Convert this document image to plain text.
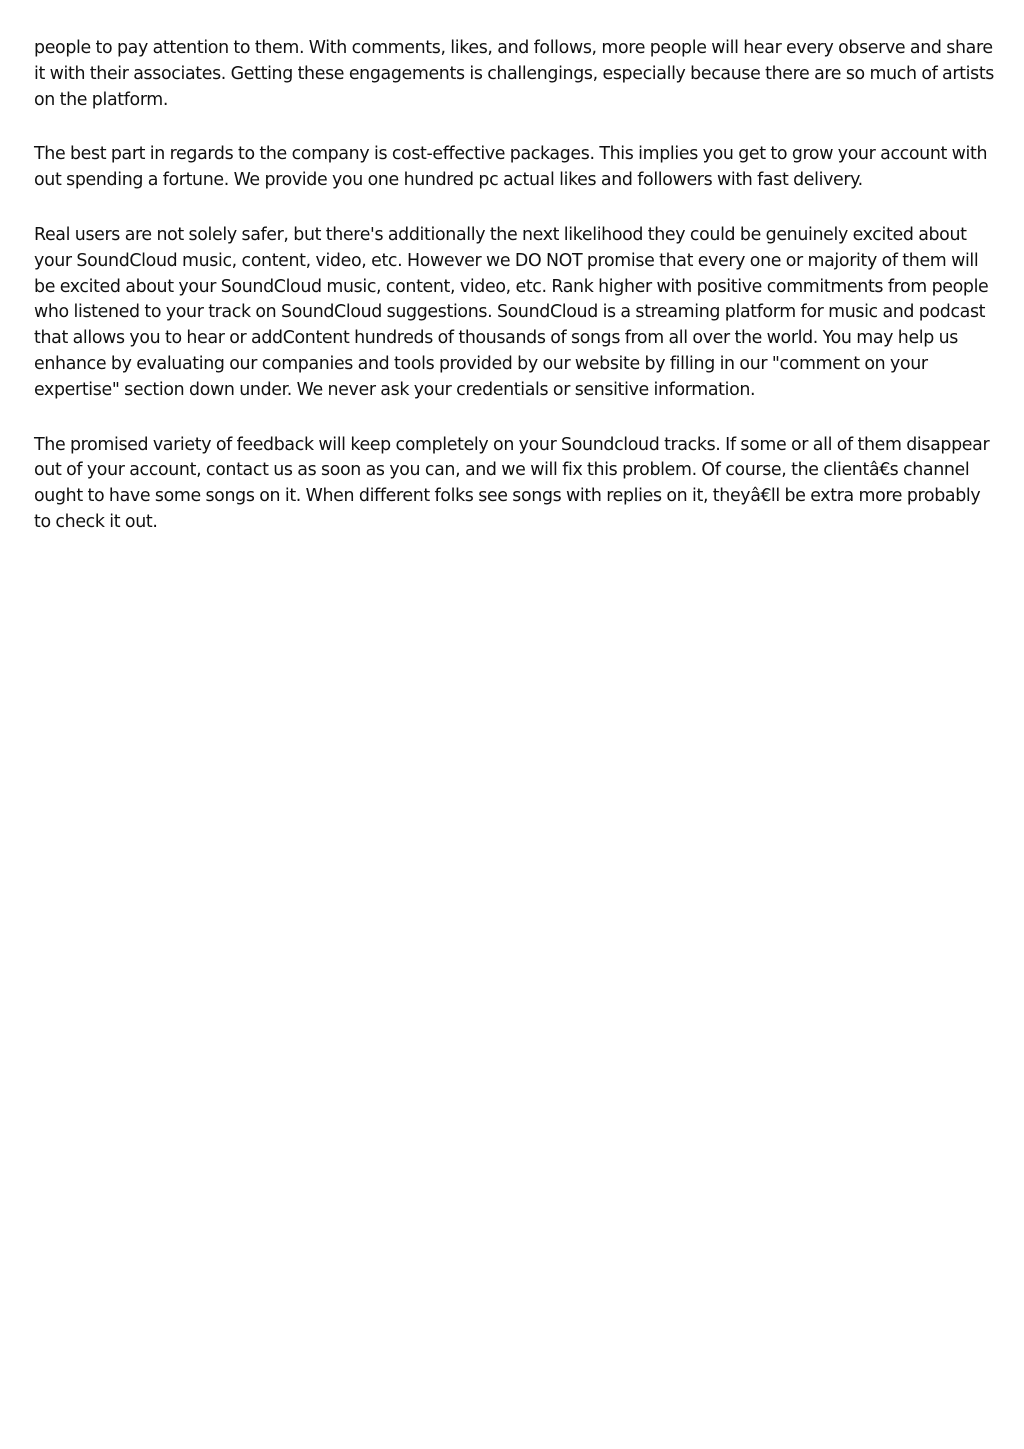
people to pay attention to them. With comments, likes, and follows, more people will hear every observe and share it with their associates. Getting these engagements is challengings, especially because there are so much of artists on the platform.

The best part in regards to the company is cost-effective packages. This implies you get to grow your account with out spending a fortune. We provide you one hundred pc actual likes and followers with fast delivery.

Real users are not solely safer, but there's additionally the next likelihood they could be genuinely excited about your SoundCloud music, content, video, etc. However we DO NOT promise that every one or majority of them will be excited about your SoundCloud music, content, video, etc. Rank higher with positive commitments from people who listened to your track on SoundCloud suggestions. SoundCloud is a streaming platform for music and podcast that allows you to hear or addContent hundreds of thousands of songs from all over the world. You may help us enhance by evaluating our companies and tools provided by our website by filling in our "comment on your expertise" section down under. We never ask your credentials or sensitive information.

The promised variety of feedback will keep completely on your Soundcloud tracks. If some or all of them disappear out of your account, contact us as soon as you can, and we will fix this problem. Of course, the clientâ€s channel ought to have some songs on it. When different folks see songs with replies on it, theyâ€ll be extra more probably to check it out.
